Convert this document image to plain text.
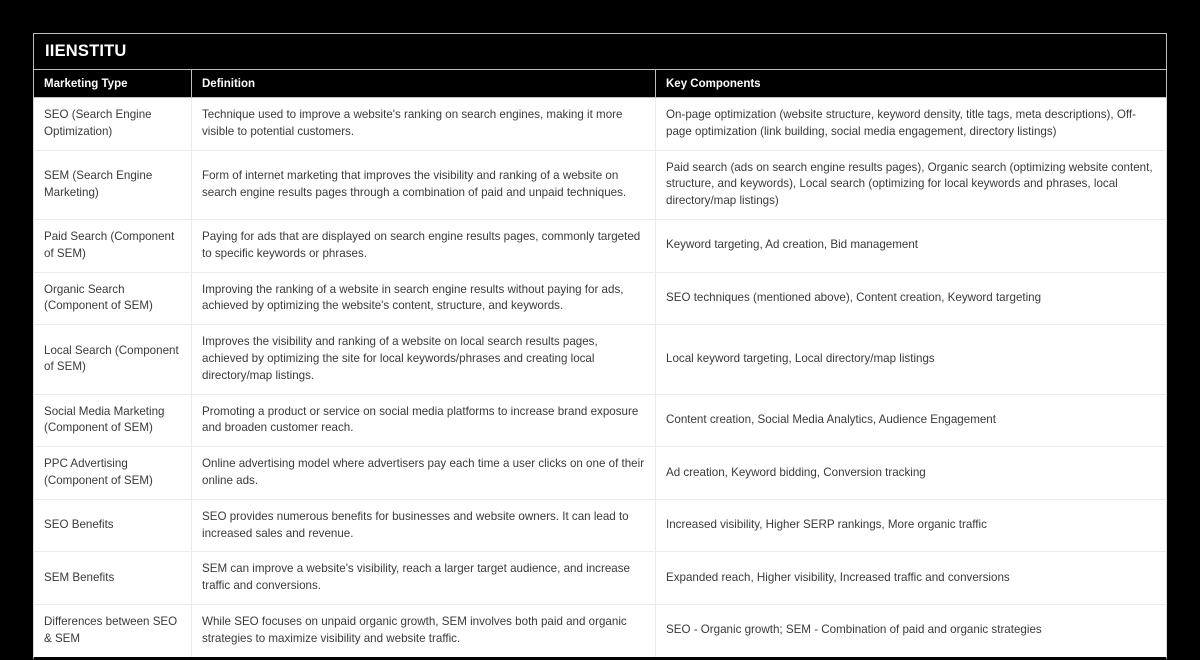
IIENSTITU
Marketing Type	Definition	Key Components
SEO (Search Engine Optimization)
Technique used to improve a website's ranking on search engines, making it more visible to potential customers.
On-page optimization (website structure, keyword density, title tags, meta descriptions), Off-page optimization (link building, social media engagement, directory listings)
SEM (Search Engine Marketing)
Form of internet marketing that improves the visibility and ranking of a website on search engine results pages through a combination of paid and unpaid techniques.
Paid search (ads on search engine results pages), Organic search (optimizing website content, structure, and keywords), Local search (optimizing for local keywords and phrases, local directory/map listings)
Paid Search (Component of SEM)
Paying for ads that are displayed on search engine results pages, commonly targeted to specific keywords or phrases.
Keyword targeting, Ad creation, Bid management
Organic Search (Component of SEM)
Improving the ranking of a website in search engine results without paying for ads, achieved by optimizing the website's content, structure, and keywords.
SEO techniques (mentioned above), Content creation, Keyword targeting
Local Search (Component of SEM)
Improves the visibility and ranking of a website on local search results pages, achieved by optimizing the site for local keywords/phrases and creating local directory/map listings.
Local keyword targeting, Local directory/map listings
Social Media Marketing (Component of SEM)
Promoting a product or service on social media platforms to increase brand exposure and broaden customer reach.
Content creation, Social Media Analytics, Audience Engagement
PPC Advertising (Component of SEM)
Online advertising model where advertisers pay each time a user clicks on one of their online ads.
Ad creation, Keyword bidding, Conversion tracking
SEO Benefits
SEO provides numerous benefits for businesses and website owners. It can lead to increased sales and revenue.
Increased visibility, Higher SERP rankings, More organic traffic
SEM Benefits
SEM can improve a website's visibility, reach a larger target audience, and increase traffic and conversions.
Expanded reach, Higher visibility, Increased traffic and conversions
Differences between SEO & SEM
While SEO focuses on unpaid organic growth, SEM involves both paid and organic strategies to maximize visibility and website traffic.
SEO - Organic growth; SEM - Combination of paid and organic strategies
